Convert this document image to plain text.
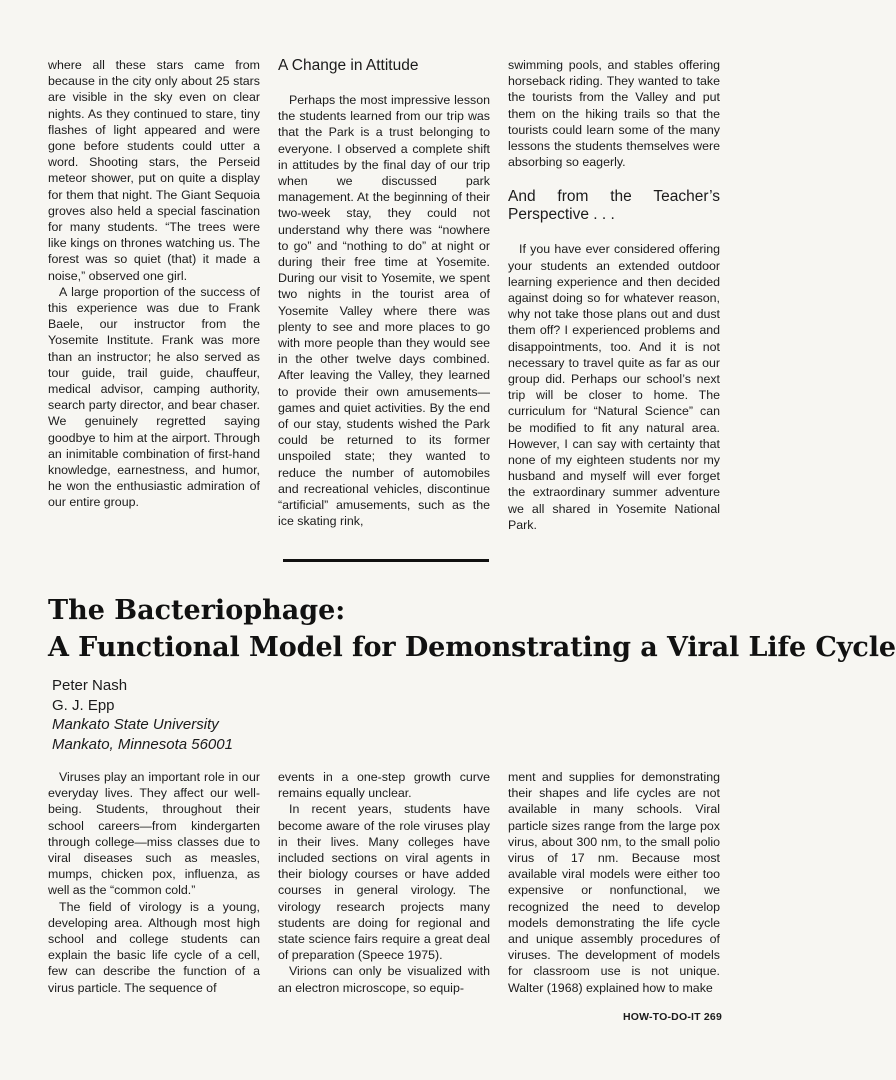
where all these stars came from because in the city only about 25 stars are visible in the sky even on clear nights. As they continued to stare, tiny flashes of light appeared and were gone before students could utter a word. Shooting stars, the Perseid meteor shower, put on quite a display for them that night. The Giant Sequoia groves also held a special fascination for many students. “The trees were like kings on thrones watching us. The forest was so quiet (that) it made a noise,” observed one girl.

A large proportion of the success of this experience was due to Frank Baele, our instructor from the Yosemite Institute. Frank was more than an instructor; he also served as tour guide, trail guide, chauffeur, medical advisor, camping authority, search party director, and bear chaser. We genuinely regretted saying goodbye to him at the airport. Through an inimitable combination of first-hand knowledge, earnestness, and humor, he won the enthusiastic admiration of our entire group.

A Change in Attitude

Perhaps the most impressive lesson the students learned from our trip was that the Park is a trust belonging to everyone. I observed a complete shift in attitudes by the final day of our trip when we discussed park management. At the beginning of their two-week stay, they could not understand why there was “nowhere to go” and “nothing to do” at night or during their free time at Yosemite. During our visit to Yosemite, we spent two nights in the tourist area of Yosemite Valley where there was plenty to see and more places to go with more people than they would see in the other twelve days combined. After leaving the Valley, they learned to provide their own amusements—games and quiet activities. By the end of our stay, students wished the Park could be returned to its former unspoiled state; they wanted to reduce the number of automobiles and recreational vehicles, discontinue “artificial” amusements, such as the ice skating rink,

swimming pools, and stables offering horseback riding. They wanted to take the tourists from the Valley and put them on the hiking trails so that the tourists could learn some of the many lessons the students themselves were absorbing so eagerly.

And from the Teacher’s Perspective . . .

If you have ever considered offering your students an extended outdoor learning experience and then decided against doing so for whatever reason, why not take those plans out and dust them off? I experienced problems and disappointments, too. And it is not necessary to travel quite as far as our group did. Perhaps our school’s next trip will be closer to home. The curriculum for “Natural Science” can be modified to fit any natural area. However, I can say with certainty that none of my eighteen students nor my husband and myself will ever forget the extraordinary summer adventure we all shared in Yosemite National Park.

The Bacteriophage:
A Functional Model for Demonstrating a Viral Life Cycle
Peter Nash
G. J. Epp
Mankato State University
Mankato, Minnesota 56001

Viruses play an important role in our everyday lives. They affect our well-being. Students, throughout their school careers—from kindergarten through college—miss classes due to viral diseases such as measles, mumps, chicken pox, influenza, as well as the “common cold.”

The field of virology is a young, developing area. Although most high school and college students can explain the basic life cycle of a cell, few can describe the function of a virus particle. The sequence of

events in a one-step growth curve remains equally unclear.

In recent years, students have become aware of the role viruses play in their lives. Many colleges have included sections on viral agents in their biology courses or have added courses in general virology. The virology research projects many students are doing for regional and state science fairs require a great deal of preparation (Speece 1975).

Virions can only be visualized with an electron microscope, so equip-

ment and supplies for demonstrating their shapes and life cycles are not available in many schools. Viral particle sizes range from the large pox virus, about 300 nm, to the small polio virus of 17 nm. Because most available viral models were either too expensive or nonfunctional, we recognized the need to develop models demonstrating the life cycle and unique assembly procedures of viruses. The development of models for classroom use is not unique. Walter (1968) explained how to make

HOW-TO-DO-IT 269
